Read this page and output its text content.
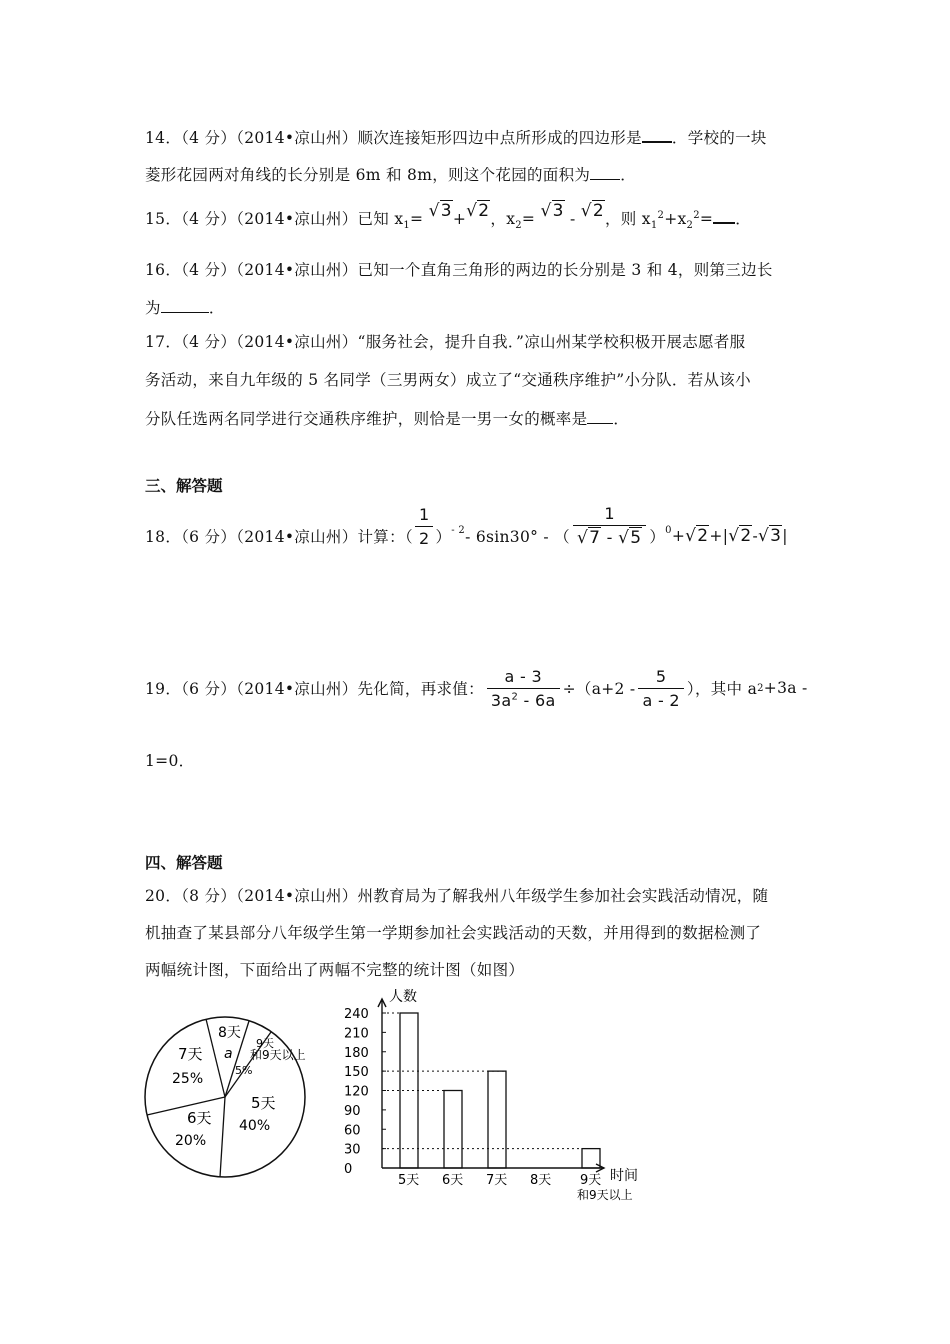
14．（4 分）（2014•凉山州）顺次连接矩形四边中点所形成的四边形是 ．学校的一块
菱形花园两对角线的长分别是 6m 和 8m，则这个花园的面积为 ．
15．（4 分）（2014•凉山州）已知 $x_1= √3+√2$，$x_2= √3 - √2$，则 $x_1^2+x_2^2=$ ．
16．（4 分）（2014•凉山州）已知一个直角三角形的两边的长分别是 3 和 4，则第三边长
为	．
17．（4 分）（2014•凉山州）“服务社会，提升自我．”凉山州某学校积极开展志愿者服
务活动，来自九年级的 5 名同学（三男两女）成立了“交通秩序维护”小分队．若从该小
分队任选两名同学进行交通秩序维护，则恰是一男一女的概率是 ．
三、解答题
18．（6 分）（2014•凉山州）计算：（ $\frac{1}{2} )^{- 2} - 6\sin 30^\circ$ - （ $\frac{1}{√7 - √5} )^0 + √2$ +| √2 - √3 |
19．（6 分）（2014•凉山州）先化简，再求值： $\frac{a - 3}{3a^2 - 6a} \div(a+2 - \frac{5}{a - 2}$ ），其中 a 2 +3a -
1=0．
四、解答题
20．（8 分）（2014•凉山州）州教育局为了解我州八年级学生参加社会实践活动情况，随
机抽查了某县部分八年级学生第一学期参加社会实践活动的天数，并用得到的数据检测了
两幅统计图，下面给出了两幅不完整的统计图（如图）
8天
a
9天
5%
和9天以上
7天
25%
6天
20%
5天
40%
人数
时间
0
30
60
90
120
150
180
210
240
5天 6天 7天 8天 9天
和9天以上
